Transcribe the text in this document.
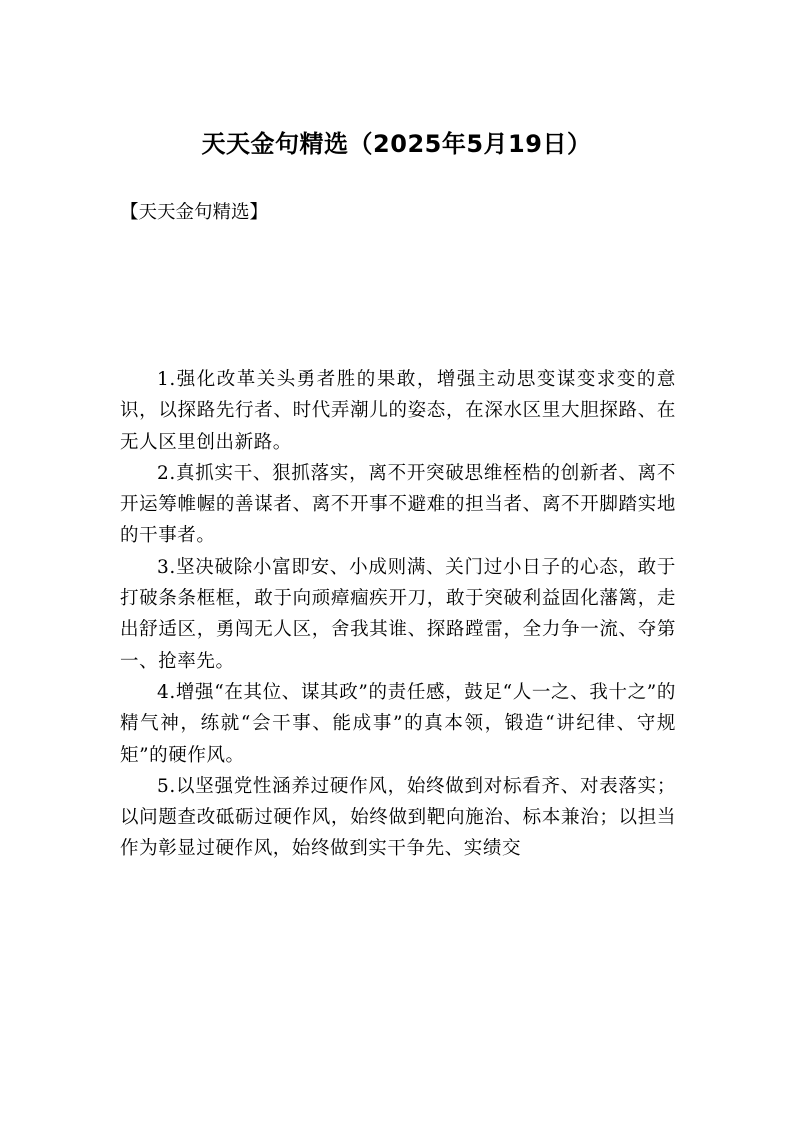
天天金句精选（2025年5月19日）

【天天金句精选】

1.强化改革关头勇者胜的果敢，增强主动思变谋变求变的意识，以探路先行者、时代弄潮儿的姿态，在深水区里大胆探路、在无人区里创出新路。

2.真抓实干、狠抓落实，离不开突破思维桎梏的创新者、离不开运筹帷幄的善谋者、离不开事不避难的担当者、离不开脚踏实地的干事者。

3.坚决破除小富即安、小成则满、关门过小日子的心态，敢于打破条条框框，敢于向顽瘴痼疾开刀，敢于突破利益固化藩篱，走出舒适区，勇闯无人区，舍我其谁、探路蹚雷，全力争一流、夺第一、抢率先。

4.增强“在其位、谋其政”的责任感，鼓足“人一之、我十之”的精气神，练就“会干事、能成事”的真本领，锻造“讲纪律、守规矩”的硬作风。

5.以坚强党性涵养过硬作风，始终做到对标看齐、对表落实；以问题查改砥砺过硬作风，始终做到靶向施治、标本兼治；以担当作为彰显过硬作风，始终做到实干争先、实绩交
